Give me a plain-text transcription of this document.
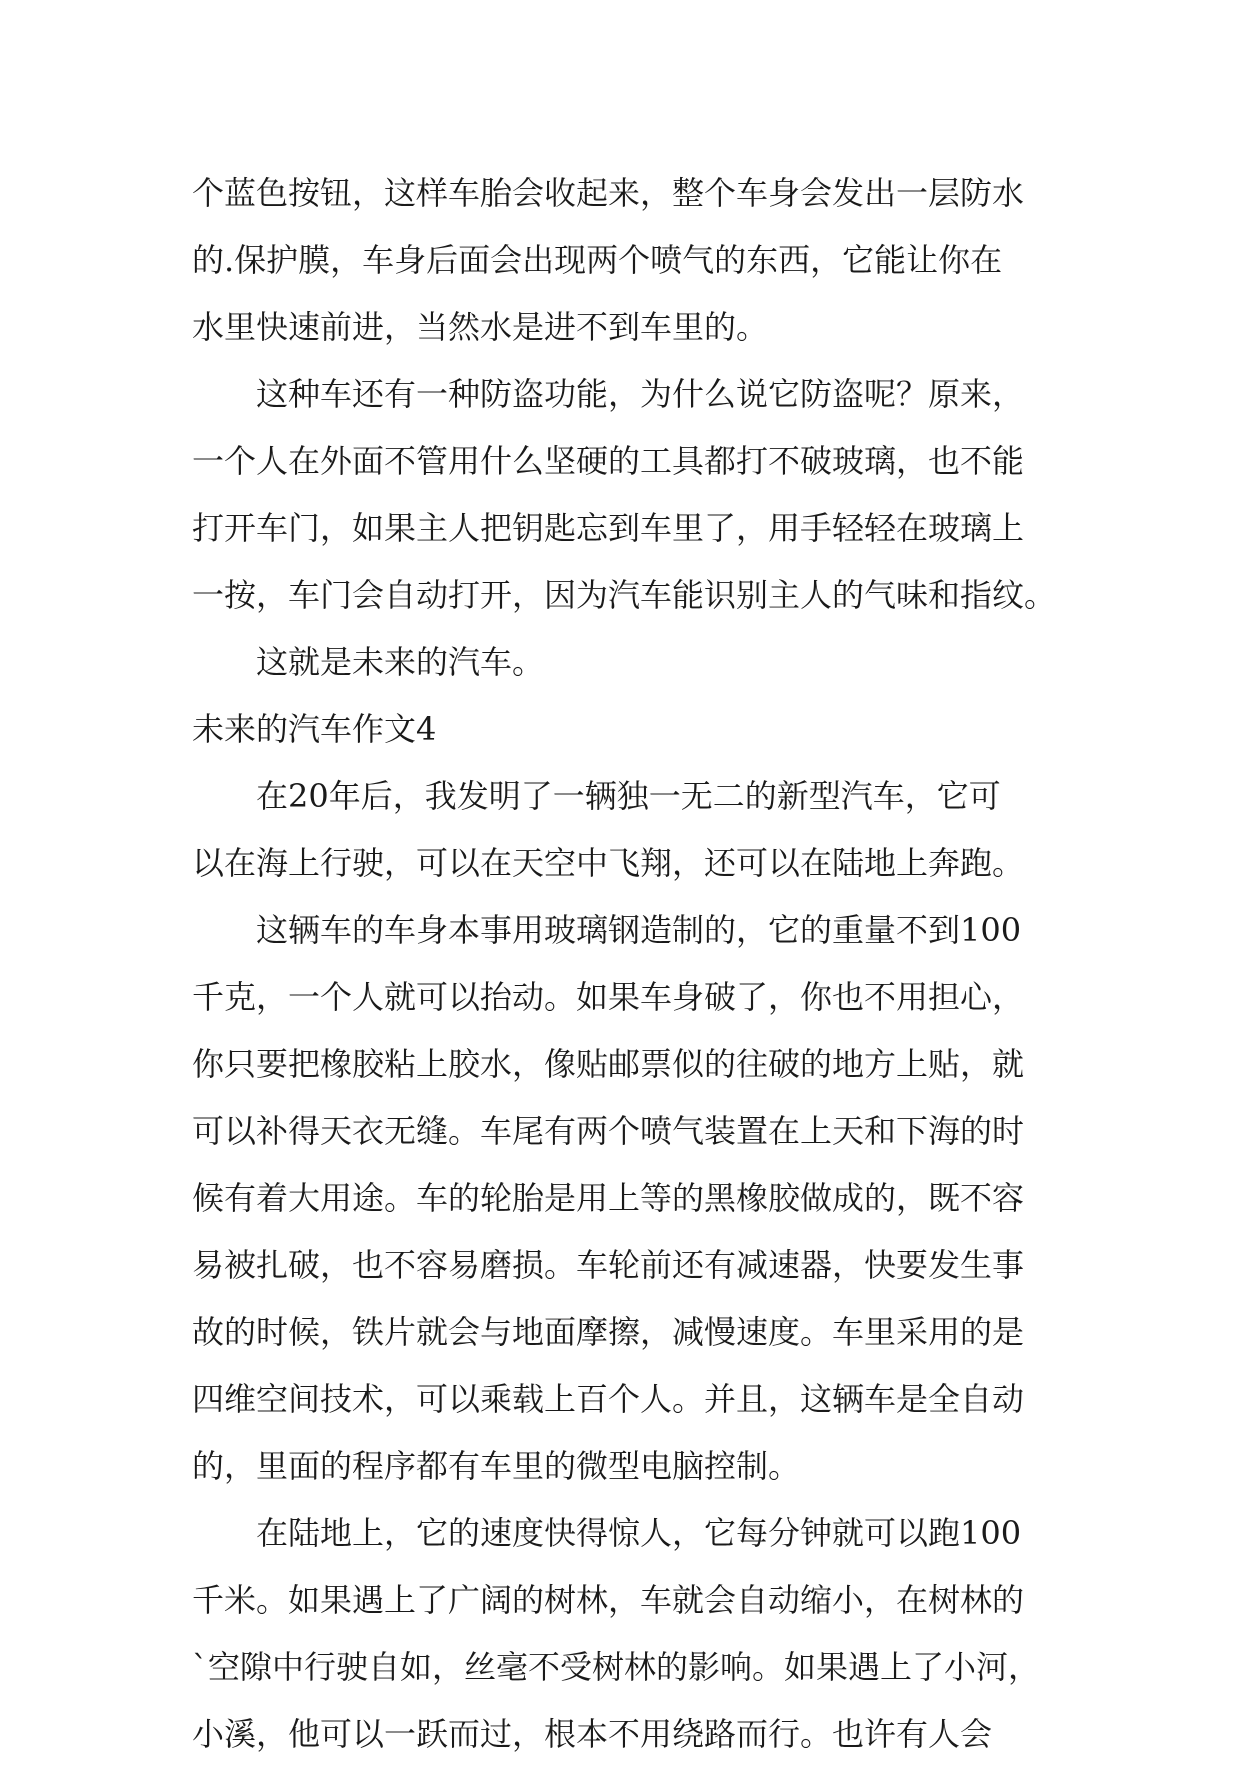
个蓝色按钮，这样车胎会收起来，整个车身会发出一层防水
的.保护膜，车身后面会出现两个喷气的东西，它能让你在
水里快速前进，当然水是进不到车里的。
这种车还有一种防盗功能，为什么说它防盗呢？原来，
一个人在外面不管用什么坚硬的工具都打不破玻璃，也不能
打开车门，如果主人把钥匙忘到车里了，用手轻轻在玻璃上
一按，车门会自动打开，因为汽车能识别主人的气味和指纹。
这就是未来的汽车。
未来的汽车作文4
在20年后，我发明了一辆独一无二的新型汽车，它可
以在海上行驶，可以在天空中飞翔，还可以在陆地上奔跑。
这辆车的车身本事用玻璃钢造制的，它的重量不到100
千克，一个人就可以抬动。如果车身破了，你也不用担心，
你只要把橡胶粘上胶水，像贴邮票似的往破的地方上贴，就
可以补得天衣无缝。车尾有两个喷气装置在上天和下海的时
候有着大用途。车的轮胎是用上等的黑橡胶做成的，既不容
易被扎破，也不容易磨损。车轮前还有减速器，快要发生事
故的时候，铁片就会与地面摩擦，减慢速度。车里采用的是
四维空间技术，可以乘载上百个人。并且，这辆车是全自动
的，里面的程序都有车里的微型电脑控制。
在陆地上，它的速度快得惊人，它每分钟就可以跑100
千米。如果遇上了广阔的树林，车就会自动缩小，在树林的
`空隙中行驶自如，丝毫不受树林的影响。如果遇上了小河，
小溪，他可以一跃而过，根本不用绕路而行。也许有人会
